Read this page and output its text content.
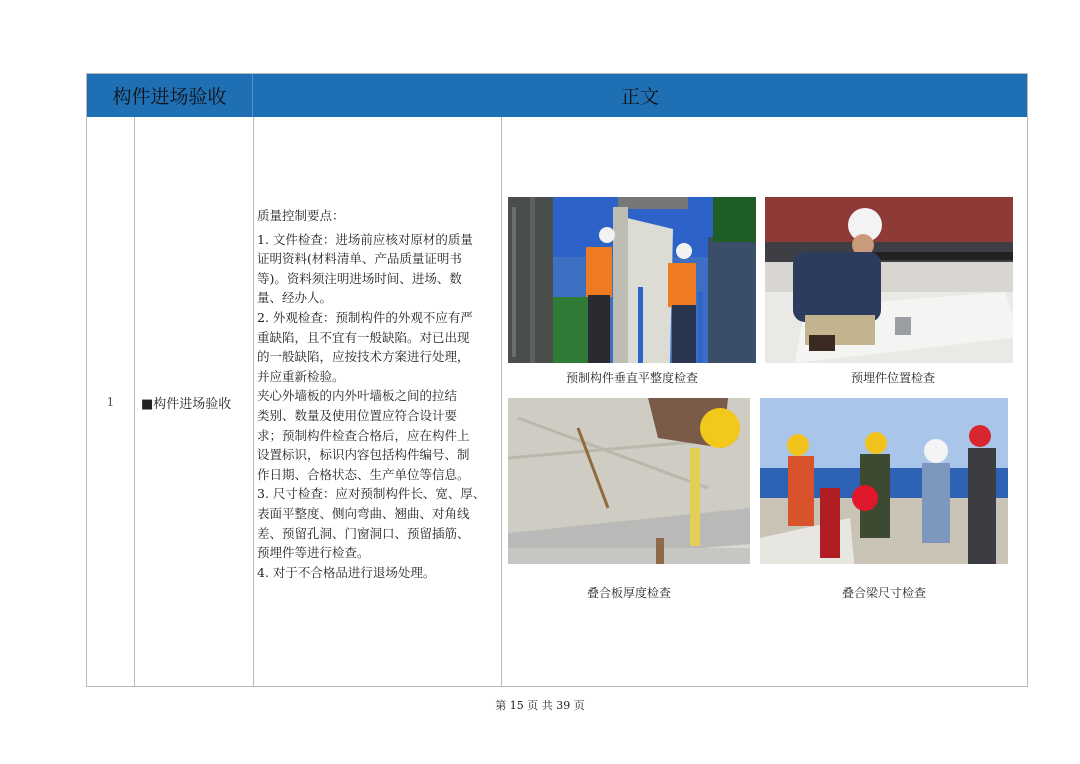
构件进场验收	正文
1	■构件进场验收

质量控制要点：

1. 文件检查：进场前应核对原材的质量

证明资料(材料清单、产品质量证明书

等)。资料须注明进场时间、进场、数

量、经办人。

2. 外观检查：预制构件的外观不应有严

重缺陷，且不宜有一般缺陷。对已出现

的一般缺陷，应按技术方案进行处理，

并应重新检验。

夹心外墙板的内外叶墙板之间的拉结

类别、数量及使用位置应符合设计要

求；预制构件检查合格后，应在构件上

设置标识，标识内容包括构件编号、制

作日期、合格状态、生产单位等信息。

3. 尺寸检查：应对预制构件长、宽、厚、

表面平整度、侧向弯曲、翘曲、对角线

差、预留孔洞、门窗洞口、预留插筋、

预埋件等进行检查。

4. 对于不合格品进行退场处理。

预制构件垂直平整度检查	预埋件位置检查
叠合板厚度检查	叠合梁尺寸检查
第 15 页 共 39 页
